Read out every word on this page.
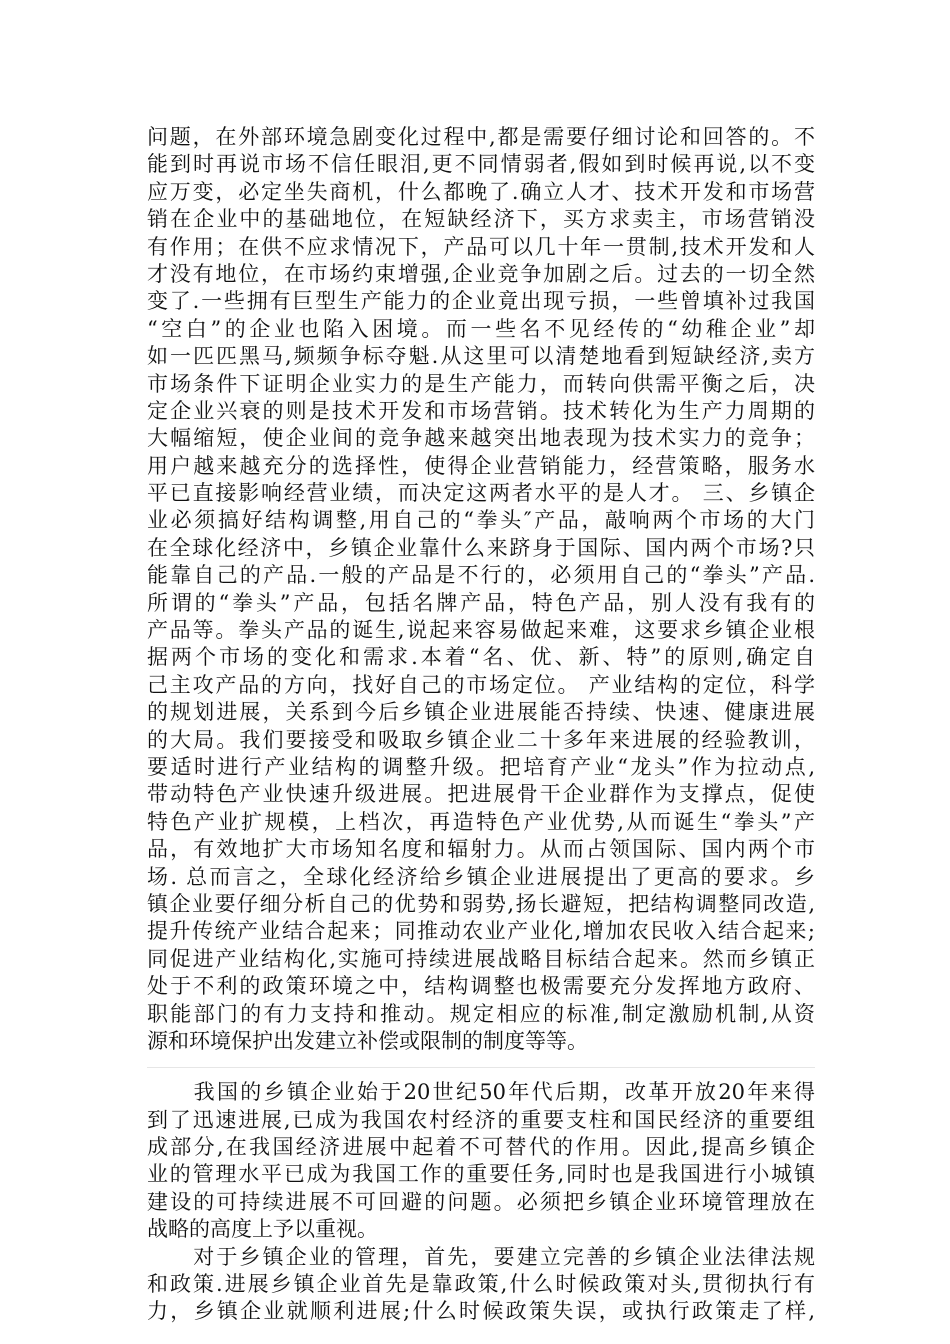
问题，在外部环境急剧变化过程中,都是需要仔细讨论和回答的。不
能到时再说市场不信任眼泪,更不同情弱者,假如到时候再说,以不变
应万变，必定坐失商机，什么都晚了.确立人才、技术开发和市场营
销在企业中的基础地位，在短缺经济下，买方求卖主，市场营销没
有作用；在供不应求情况下，产品可以几十年一贯制,技术开发和人
才没有地位，在市场约束增强,企业竞争加剧之后。过去的一切全然
变了.一些拥有巨型生产能力的企业竟出现亏损，一些曾填补过我国
“空白”的企业也陷入困境。而一些名不见经传的“幼稚企业”却
如一匹匹黑马,频频争标夺魁.从这里可以清楚地看到短缺经济,卖方
市场条件下证明企业实力的是生产能力，而转向供需平衡之后，决
定企业兴衰的则是技术开发和市场营销。技术转化为生产力周期的
大幅缩短，使企业间的竞争越来越突出地表现为技术实力的竞争；
用户越来越充分的选择性，使得企业营销能力，经营策略，服务水
平已直接影响经营业绩，而决定这两者水平的是人才。 三、乡镇企
业必须搞好结构调整,用自己的“拳头″产品，敲响两个市场的大门
在全球化经济中，乡镇企业靠什么来跻身于国际、国内两个市场?只
能靠自己的产品.一般的产品是不行的，必须用自己的“拳头”产品.
所谓的“拳头”产品，包括名牌产品，特色产品，别人没有我有的
产品等。拳头产品的诞生,说起来容易做起来难，这要求乡镇企业根
据两个市场的变化和需求.本着“名、优、新、特”的原则,确定自
己主攻产品的方向，找好自己的市场定位。 产业结构的定位，科学
的规划进展，关系到今后乡镇企业进展能否持续、快速、健康进展
的大局。我们要接受和吸取乡镇企业二十多年来进展的经验教训，
要适时进行产业结构的调整升级。把培育产业“龙头”作为拉动点,
带动特色产业快速升级进展。把进展骨干企业群作为支撑点，促使
特色产业扩规模，上档次，再造特色产业优势,从而诞生“拳头”产
品，有效地扩大市场知名度和辐射力。从而占领国际、国内两个市
场. 总而言之，全球化经济给乡镇企业进展提出了更高的要求。乡
镇企业要仔细分析自己的优势和弱势,扬长避短，把结构调整同改造,
提升传统产业结合起来；同推动农业产业化,增加农民收入结合起来;
同促进产业结构化,实施可持续进展战略目标结合起来。然而乡镇正
处于不利的政策环境之中，结构调整也极需要充分发挥地方政府、
职能部门的有力支持和推动。规定相应的标准,制定激励机制,从资
源和环境保护出发建立补偿或限制的制度等等。
　　我国的乡镇企业始于20世纪50年代后期，改革开放20年来得
到了迅速进展,已成为我国农村经济的重要支柱和国民经济的重要组
成部分,在我国经济进展中起着不可替代的作用。因此,提高乡镇企
业的管理水平已成为我国工作的重要任务,同时也是我国进行小城镇
建设的可持续进展不可回避的问题。必须把乡镇企业环境管理放在
战略的高度上予以重视。
　　对于乡镇企业的管理，首先，要建立完善的乡镇企业法律法规
和政策.进展乡镇企业首先是靠政策,什么时候政策对头,贯彻执行有
力，乡镇企业就顺利进展;什么时候政策失误，或执行政策走了样,
